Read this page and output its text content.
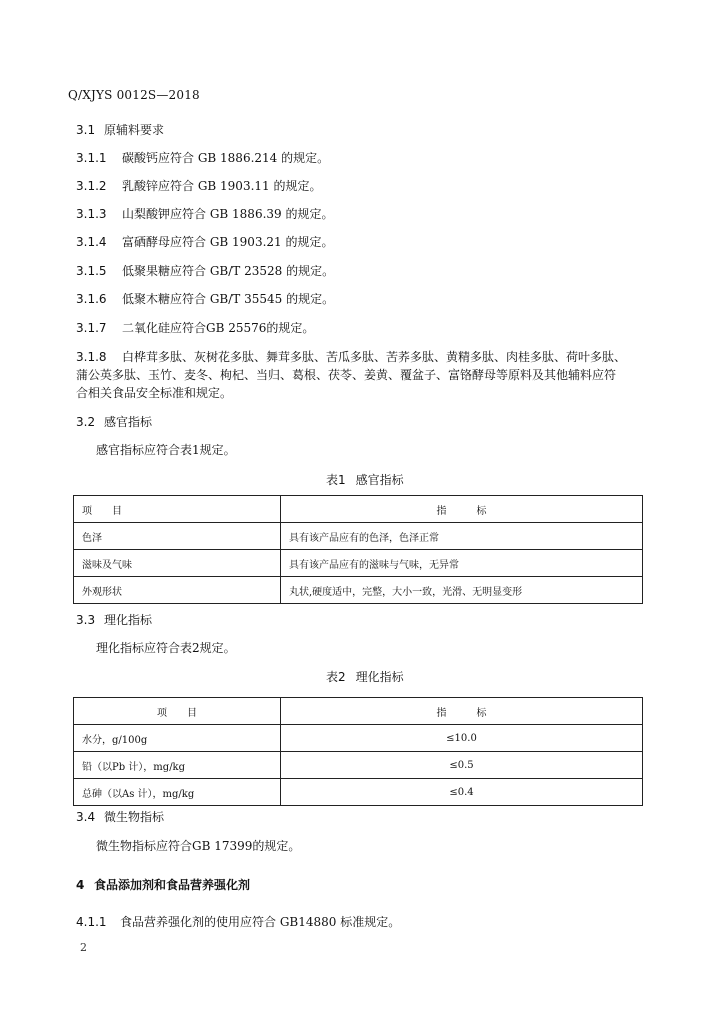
Q/XJYS 0012S—2018
3.1 原辅料要求
3.1.1 碳酸钙应符合 GB 1886.214 的规定。
3.1.2 乳酸锌应符合 GB 1903.11 的规定。
3.1.3 山梨酸钾应符合 GB 1886.39 的规定。
3.1.4 富硒酵母应符合 GB 1903.21 的规定。
3.1.5 低聚果糖应符合 GB/T 23528 的规定。
3.1.6 低聚木糖应符合 GB/T 35545 的规定。
3.1.7 二氧化硅应符合GB 25576的规定。
3.1.8 白桦茸多肽、灰树花多肽、舞茸多肽、苦瓜多肽、苦荞多肽、黄精多肽、肉桂多肽、荷叶多肽、
蒲公英多肽、玉竹、麦冬、枸杞、当归、葛根、茯苓、姜黄、覆盆子、富铬酵母等原料及其他辅料应符
合相关食品安全标准和规定。
3.2 感官指标
感官指标应符合表1规定。
表1 感官指标
项　　目	指　　　标
色泽	具有该产品应有的色泽，色泽正常
滋味及气味	具有该产品应有的滋味与气味，无异常
外观形状	丸状,硬度适中，完整，大小一致，光滑、无明显变形
3.3 理化指标
理化指标应符合表2规定。
表2 理化指标
项　　目	指　　　标
水分，g/100g	≤10.0
铅（以Pb 计），mg/kg	≤0.5
总砷（以As 计），mg/kg	≤0.4
3.4 微生物指标
微生物指标应符合GB 17399的规定。
4 食品添加剂和食品营养强化剂
4.1.1 食品营养强化剂的使用应符合 GB14880 标准规定。
2
